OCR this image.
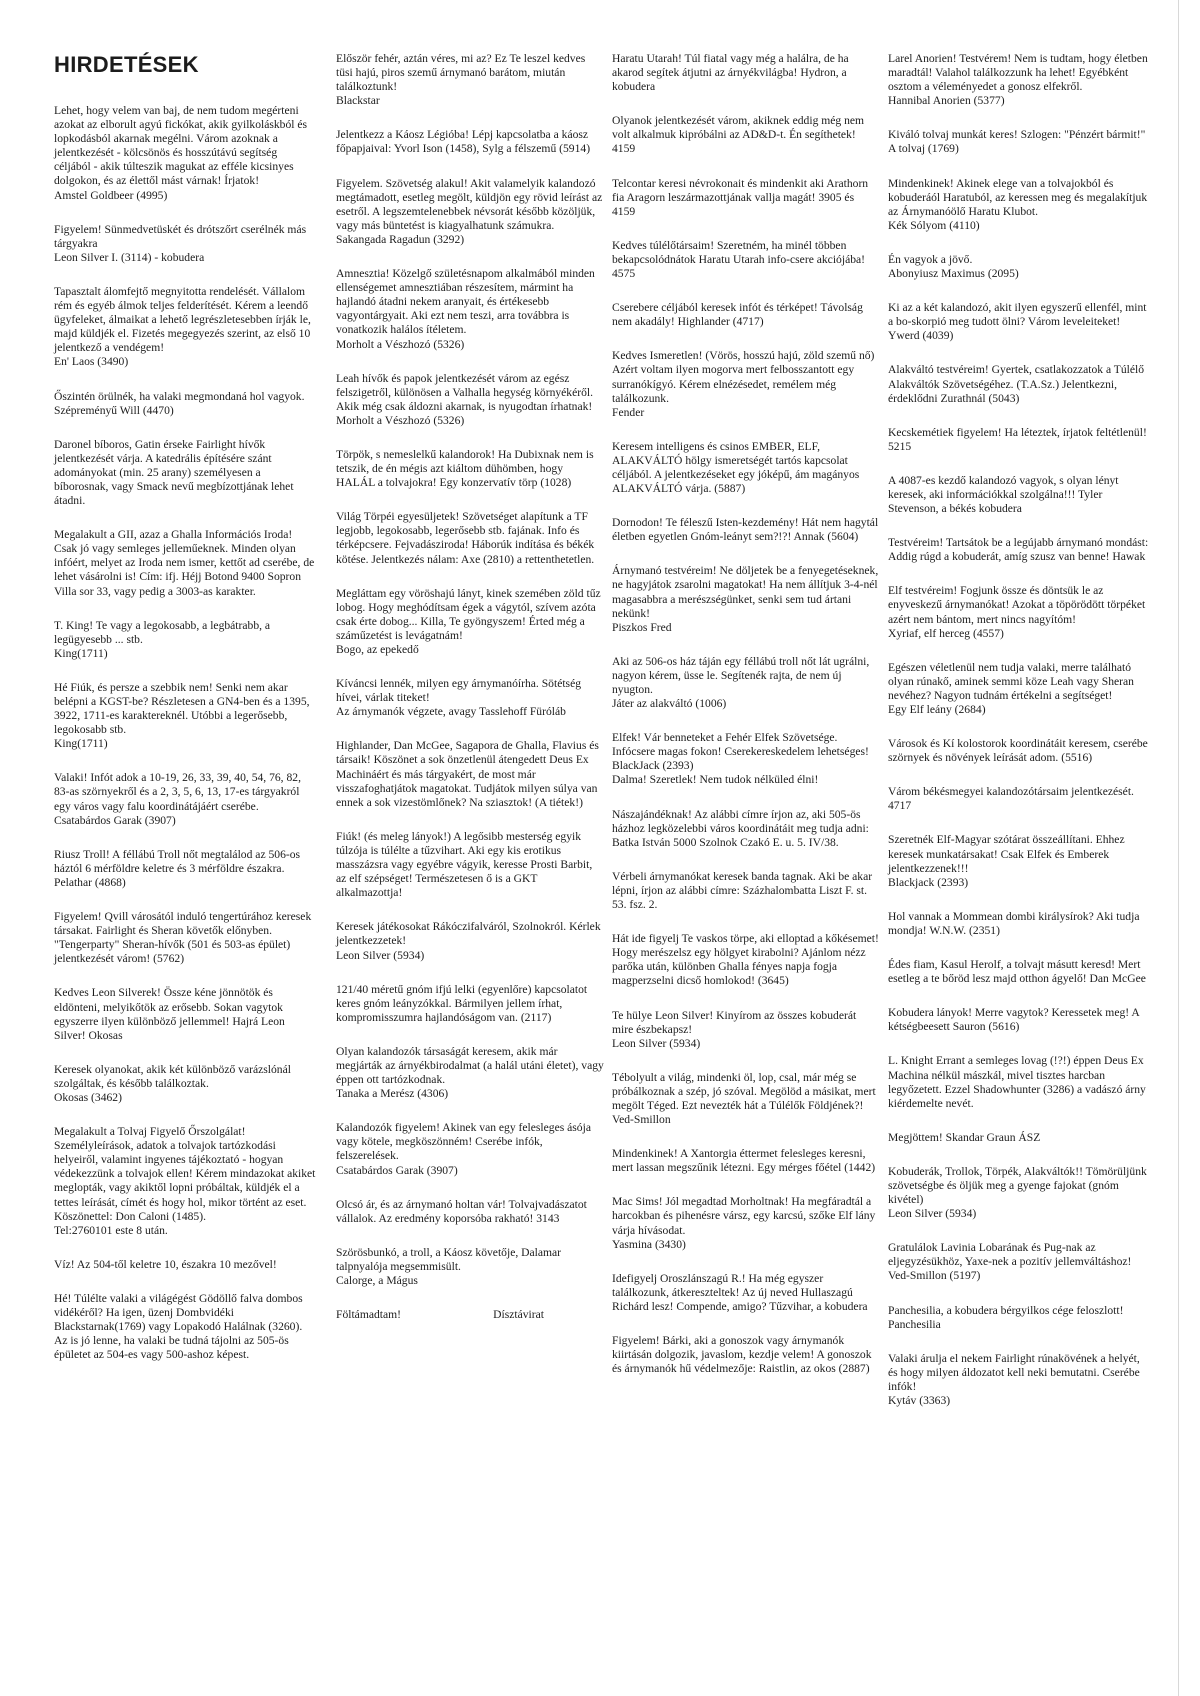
HIRDETÉSEK
Lehet, hogy velem van baj, de nem tudom megérteni azokat az elborult agyú fickókat, akik gyilkoláskból és lopkodásból akarnak megélni. Várom azoknak a jelentkezését - kölcsönös és hosszútávú segítség céljából - akik túlteszik magukat az efféle kicsinyes dolgokon, és az élettől mást várnak! Írjatok!
Amstel Goldbeer (4995)
Figyelem! Sünmedvetüskét és drótszőrt cserélnék más tárgyakra
Leon Silver I. (3114) - kobudera
Tapasztalt álomfejtő megnyitotta rendelését. Vállalom rém és egyéb álmok teljes felderítését. Kérem a leendő ügyfeleket, álmaikat a lehető legrészletesebben írják le, majd küldjék el. Fizetés megegyezés szerint, az első 10 jelentkező a vendégem!
En' Laos (3490)
Őszintén örülnék, ha valaki megmondaná hol vagyok.
Szépreményű Will (4470)
Daronel bíboros, Gatin érseke Fairlight hívők jelentkezését várja. A katedrális építésére szánt adományokat (min. 25 arany) személyesen a bíborosnak, vagy Smack nevű megbízottjának lehet átadni.
Megalakult a GII, azaz a Ghalla Információs Iroda! Csak jó vagy semleges jelleműeknek. Minden olyan infóért, melyet az Iroda nem ismer, kettőt ad cserébe, de lehet vásárolni is! Cím: ifj. Héjj Botond 9400 Sopron Villa sor 33, vagy pedig a 3003-as karakter.
T. King! Te vagy a legokosabb, a legbátrabb, a legügyesebb ... stb.
King(1711)
Hé Fiúk, és persze a szebbik nem! Senki nem akar belépni a KGST-be? Részletesen a GN4-ben és a 1395, 3922, 1711-es karaktereknél. Utóbbi a legerősebb, legokosabb stb.
King(1711)
Valaki! Infót adok a 10-19, 26, 33, 39, 40, 54, 76, 82, 83-as szörnyekről és a 2, 3, 5, 6, 13, 17-es tárgyakról egy város vagy falu koordinátájáért cserébe.
Csatabárdos Garak (3907)
Riusz Troll! A féllábú Troll nőt megtalálod az 506-os háztól 6 mérföldre keletre és 3 mérföldre északra.
Pelathar (4868)
Figyelem! Qvill városától induló tengertúrához keresek társakat. Fairlight és Sheran követők előnyben. "Tengerparty" Sheran-hívők (501 és 503-as épület) jelentkezését várom! (5762)
Kedves Leon Silverek! Össze kéne jönnötök és eldönteni, melyikőtök az erősebb. Sokan vagytok egyszerre ilyen különböző jellemmel! Hajrá Leon Silver! Okosas
Keresek olyanokat, akik két különböző varázslónál szolgáltak, és később találkoztak.
Okosas (3462)
Megalakult a Tolvaj Figyelő Őrszolgálat! Személyleírások, adatok a tolvajok tartózkodási helyeiről, valamint ingyenes tájékoztató - hogyan védekezzünk a tolvajok ellen! Kérem mindazokat akiket meglopták, vagy akiktől lopni próbáltak, küldjék el a tettes leírását, címét és hogy hol, mikor történt az eset.
Köszönettel: Don Caloni (1485).
Tel:2760101 este 8 után.
Víz! Az 504-től keletre 10, északra 10 mezővel!
Hé! Túlélte valaki a világégést Gödöllő falva dombos vidékéről? Ha igen, üzenj Dombvidéki Blackstarnak(1769) vagy Lopakodó Halálnak (3260). Az is jó lenne, ha valaki be tudná tájolni az 505-ös épületet az 504-es vagy 500-ashoz képest.
Először fehér, aztán véres, mi az? Ez Te leszel kedves tüsi hajú, piros szemű árnymanó barátom, miután találkoztunk!
Blackstar
Jelentkezz a Káosz Légióba! Lépj kapcsolatba a káosz főpapjaival: Yvorl Ison (1458), Sylg a félszemű (5914)
Figyelem. Szövetség alakul! Akit valamelyik kalandozó megtámadott, esetleg megölt, küldjön egy rövid leírást az esetről. A legszemtelenebbek névsorát később közöljük, vagy más büntetést is kiagyalhatunk számukra.
Sakangada Ragadun (3292)
Amnesztia! Közelgő születésnapom alkalmából minden ellenségemet amnesztiában részesítem, mármint ha hajlandó átadni nekem aranyait, és értékesebb vagyontárgyait. Aki ezt nem teszi, arra továbbra is vonatkozik halálos ítéletem.
Morholt a Vészhozó (5326)
Leah hívők és papok jelentkezését várom az egész felszigetről, különösen a Valhalla hegység környékéről. Akik még csak áldozni akarnak, is nyugodtan írhatnak!
Morholt a Vészhozó (5326)
Törpök, s nemeslelkű kalandorok! Ha Dubixnak nem is tetszik, de én mégis azt kiáltom dühömben, hogy HALÁL a tolvajokra! Egy konzervatív törp (1028)
Világ Törpéi egyesüljetek! Szövetséget alapítunk a TF legjobb, legokosabb, legerősebb stb. fajának. Info és térképcsere. Fejvadásziroda! Háborúk indítása és békék kötése. Jelentkezés nálam: Axe (2810) a rettenthetetlen.
Megláttam egy vöröshajú lányt, kinek szemében zöld tűz lobog. Hogy meghódítsam égek a vágytól, szívem azóta csak érte dobog... Killa, Te gyöngyszem! Érted még a száműzetést is levágatnám!
Bogo, az epekedő
Kíváncsi lennék, milyen egy árnymanóírha. Sötétség hívei, várlak titeket!
Az árnymanók végzete, avagy Tasslehoff Füróláb
Highlander, Dan McGee, Sagapora de Ghalla, Flavius és társaik! Köszönet a sok önzetlenül átengedett Deus Ex Machináért és más tárgyakért, de most már visszafoghatjátok magatokat. Tudjátok milyen súlya van ennek a sok vizestömlőnek? Na sziasztok! (A tiétek!)
Fiúk! (és meleg lányok!) A legősibb mesterség egyik túlzója is túlélte a tűzvihart. Aki egy kis erotikus masszázsra vagy egyébre vágyik, keresse Prosti Barbit, az elf szépséget! Természetesen ő is a GKT alkalmazottja!
Keresek játékosokat Rákóczifalváról, Szolnokról. Kérlek jelentkezzetek!
Leon Silver (5934)
121/40 méretű gnóm ifjú lelki (egyenlőre) kapcsolatot keres gnóm leányzókkal. Bármilyen jellem írhat, kompromisszumra hajlandóságom van. (2117)
Olyan kalandozók társaságát keresem, akik már megjárták az árnyékbirodalmat (a halál utáni életet), vagy éppen ott tartózkodnak.
Tanaka a Merész (4306)
Kalandozók figyelem! Akinek van egy felesleges ásója vagy kötele, megköszönném! Cserébe infók, felszerelések.
Csatabárdos Garak (3907)
Olcsó ár, és az árnymanó holtan vár! Tolvajvadászatot vállalok. Az eredmény koporsóba rakható! 3143
Szörösbunkó, a troll, a Káosz követője, Dalamar talpnyalója megsemmisült.
Calorge, a Mágus
Föltámadtam!	Dísztávirat
Haratu Utarah! Túl fiatal vagy még a halálra, de ha akarod segítek átjutni az árnyékvilágba! Hydron, a kobudera
Olyanok jelentkezését várom, akiknek eddig még nem volt alkalmuk kipróbálni az AD&D-t. Én segíthetek! 4159
Telcontar keresi névrokonait és mindenkit aki Arathorn fia Aragorn leszármazottjának vallja magát! 3905 és 4159
Kedves túlélőtársaim! Szeretném, ha minél többen bekapcsolódnátok Haratu Utarah info-csere akciójába! 4575
Cserebere céljából keresek infót és térképet! Távolság nem akadály! Highlander (4717)
Kedves Ismeretlen! (Vörös, hosszú hajú, zöld szemű nő) Azért voltam ilyen mogorva mert felbosszantott egy surranókígyó. Kérem elnézésedet, remélem még találkozunk.
Fender
Keresem intelligens és csinos EMBER, ELF, ALAKVÁLTÓ hölgy ismeretségét tartós kapcsolat céljából. A jelentkezéseket egy jóképű, ám magányos ALAKVÁLTÓ várja. (5887)
Dornodon! Te féleszű Isten-kezdemény! Hát nem hagytál életben egyetlen Gnóm-leányt sem?!?! Annak (5604)
Árnymanó testvéreim! Ne döljetek be a fenyegetéseknek, ne hagyjátok zsarolni magatokat! Ha nem állítjuk 3-4-nél magasabbra a merészségünket, senki sem tud ártani nekünk!
Piszkos Fred
Aki az 506-os ház táján egy féllábú troll nőt lát ugrálni, nagyon kérem, üsse le. Segítenék rajta, de nem új nyugton.
Játer az alakváltó (1006)
Elfek! Vár benneteket a Fehér Elfek Szövetsége. Infócsere magas fokon! Cserekereskedelem lehetséges!
BlackJack (2393)
Dalma! Szeretlek! Nem tudok nélküled élni!
Nászajándéknak! Az alábbi címre írjon az, aki 505-ös házhoz legközelebbi város koordinátáit meg tudja adni: Batka István 5000 Szolnok Czakó E. u. 5. IV/38.
Vérbeli árnymanókat keresek banda tagnak. Aki be akar lépni, írjon az alábbi címre: Százhalombatta Liszt F. st. 53. fsz. 2.
Hát ide figyelj Te vaskos törpe, aki elloptad a kőkésemet! Hogy merészelsz egy hölgyet kirabolni? Ajánlom nézz parőka után, különben Ghalla fényes napja fogja magperzselni dicső homlokod! (3645)
Te hülye Leon Silver! Kinyírom az összes kobuderát mire észbekapsz!
Leon Silver (5934)
Tébolyult a világ, mindenki öl, lop, csal, már még se próbálkoznak a szép, jó szóval. Megölöd a másikat, mert megölt Téged. Ezt nevezték hát a Túlélők Földjének?!
Ved-Smillon
Mindenkinek! A Xantorgia éttermet felesleges keresni, mert lassan megszűnik létezni. Egy mérges főétel (1442)
Mac Sims! Jól megadtad Morholtnak! Ha megfáradtál a harcokban és pihenésre vársz, egy karcsú, szőke Elf lány várja hívásodat.
Yasmina (3430)
Idefigyelj Oroszlánszagú R.! Ha még egyszer találkozunk, átkereszteltek! Az új neved Hullaszagú Richárd lesz! Compende, amigo? Tűzvihar, a kobudera
Figyelem! Bárki, aki a gonoszok vagy árnymanók kiirtásán dolgozik, javaslom, kezdje velem! A gonoszok és árnymanók hű védelmezője: Raistlin, az okos (2887)
Larel Anorien! Testvérem! Nem is tudtam, hogy életben maradtál! Valahol találkozzunk ha lehet! Egyébként osztom a véleményedet a gonosz elfekről.
Hannibal Anorien (5377)
Kiváló tolvaj munkát keres! Szlogen: "Pénzért bármit!" A tolvaj (1769)
Mindenkinek! Akinek elege van a tolvajokból és kobuderáól Haratuból, az keressen meg és megalakítjuk az Árnymanóölő Haratu Klubot.
Kék Sólyom (4110)
Én vagyok a jövő.
Abonyiusz Maximus (2095)
Ki az a két kalandozó, akit ilyen egyszerű ellenfél, mint a bo-skorpió meg tudott ölni? Várom leveleiteket! Ywerd (4039)
Alakváltó testvéreim! Gyertek, csatlakozzatok a Túlélő Alakváltók Szövetségéhez. (T.A.Sz.) Jelentkezni, érdeklődni Zurathnál (5043)
Kecskemétiek figyelem! Ha léteztek, írjatok feltétlenül! 5215
A 4087-es kezdő kalandozó vagyok, s olyan lényt keresek, aki információkkal szolgálna!!! Tyler Stevenson, a békés kobudera
Testvéreim! Tartsátok be a legújabb árnymanó mondást: Addig rúgd a kobuderát, amíg szusz van benne! Hawak
Elf testvéreim! Fogjunk össze és döntsük le az enyveskezű árnymanókat! Azokat a töpörödött törpéket azért nem bántom, mert nincs nagyítóm!
Xyriaf, elf herceg (4557)
Egészen véletlenül nem tudja valaki, merre található olyan rúnakő, aminek semmi köze Leah vagy Sheran nevéhez? Nagyon tudnám értékelni a segítséget!
Egy Elf leány (2684)
Városok és Kí kolostorok koordinátáit keresem, cserébe szörnyek és növények leírását adom. (5516)
Várom békésmegyei kalandozótársaim jelentkezését. 4717
Szeretnék Elf-Magyar szótárat összeállítani. Ehhez keresek munkatársakat! Csak Elfek és Emberek jelentkezzenek!!!
Blackjack (2393)
Hol vannak a Mommean dombi királysírok? Aki tudja mondja! W.N.W. (2351)
Édes fiam, Kasul Herolf, a tolvajt másutt keresd! Mert esetleg a te bőröd lesz majd otthon ágyelő! Dan McGee
Kobudera lányok! Merre vagytok? Keressetek meg! A kétségbeesett Sauron (5616)
L. Knight Errant a semleges lovag (!?!) éppen Deus Ex Machina nélkül mászkál, mivel tisztes harcban legyőzetett. Ezzel Shadowhunter (3286) a vadászó árny kiérdemelte nevét.
Megjöttem! Skandar Graun ÁSZ
Kobuderák, Trollok, Törpék, Alakváltók!! Tömörüljünk szövetségbe és öljük meg a gyenge fajokat (gnóm kivétel)
Leon Silver (5934)
Gratulálok Lavinia Lobarának és Pug-nak az eljegyzésükhöz, Yaxe-nek a pozitív jellemváltáshoz! Ved-Smillon (5197)
Panchesilia, a kobudera bérgyilkos cége feloszlott! Panchesilia
Valaki árulja el nekem Fairlight rúnakövének a helyét, és hogy milyen áldozatot kell neki bemutatni. Cserébe infók!
Kytáv (3363)
